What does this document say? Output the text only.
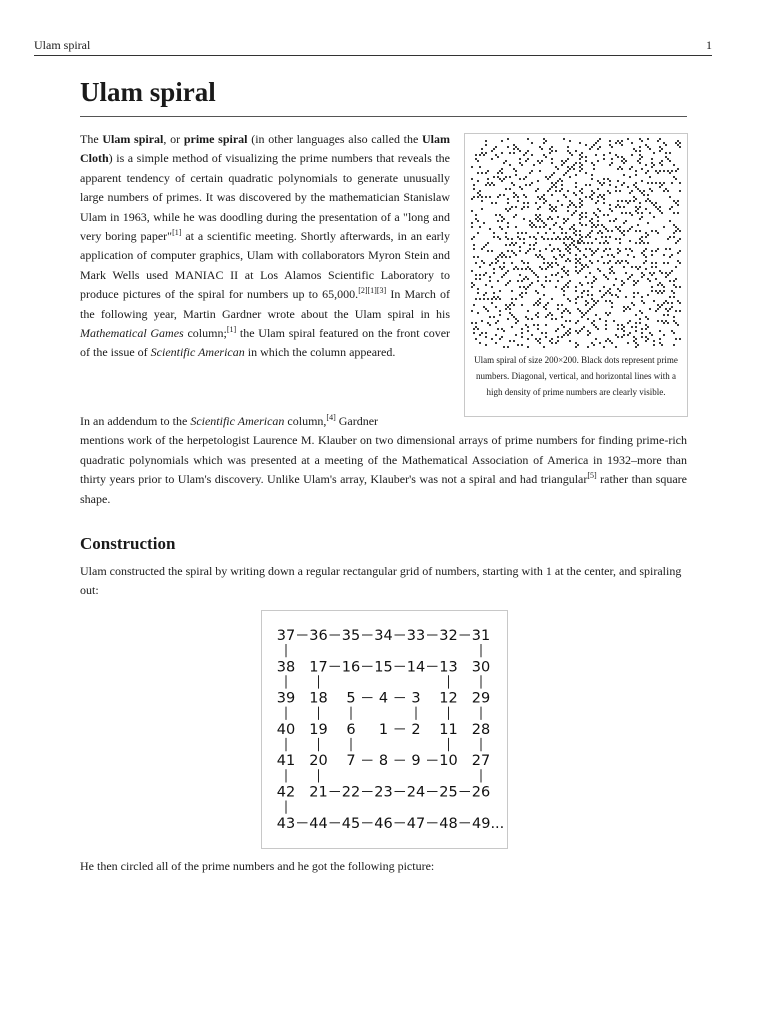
Ulam spiral	1
Ulam spiral

The Ulam spiral, or prime spiral (in other languages also called the Ulam Cloth) is a simple method of visualizing the prime numbers that reveals the apparent tendency of certain quadratic polynomials to generate unusually large numbers of primes. It was discovered by the mathematician Stanislaw Ulam in 1963, while he was doodling during the presentation of a "long and very boring paper"[1] at a scientific meeting. Shortly afterwards, in an early application of computer graphics, Ulam with collaborators Myron Stein and Mark Wells used MANIAC II at Los Alamos Scientific Laboratory to produce pictures of the spiral for numbers up to 65,000.[2][1][3] In March of the following year, Martin Gardner wrote about the Ulam spiral in his Mathematical Games column;[1] the Ulam spiral featured on the front cover of the issue of Scientific American in which the column appeared.

Ulam spiral of size 200×200. Black dots represent prime numbers. Diagonal, vertical, and horizontal lines with a high density of prime numbers are clearly visible.

In an addendum to the Scientific American column,[4] Gardner
mentions work of the herpetologist Laurence M. Klauber on two dimensional arrays of prime numbers for finding prime-rich quadratic polynomials which was presented at a meeting of the Mathematical Association of America in 1932–more than thirty years prior to Ulam's discovery. Unlike Ulam's array, Klauber's was not a spiral and had triangular[5] rather than square shape.

Construction

Ulam constructed the spiral by writing down a regular rectangular grid of numbers, starting with 1 at the center, and spiraling out:

37 36 35 34 33 32 31
38 17 16 15 14 13 30
39 18 5 4 3 12 29
40 19 6 1 2 11 28
41 20 7 8 9 10 27
42 21 22 23 24 25 26
43 44 45 46 47 48 49...

He then circled all of the prime numbers and he got the following picture:
